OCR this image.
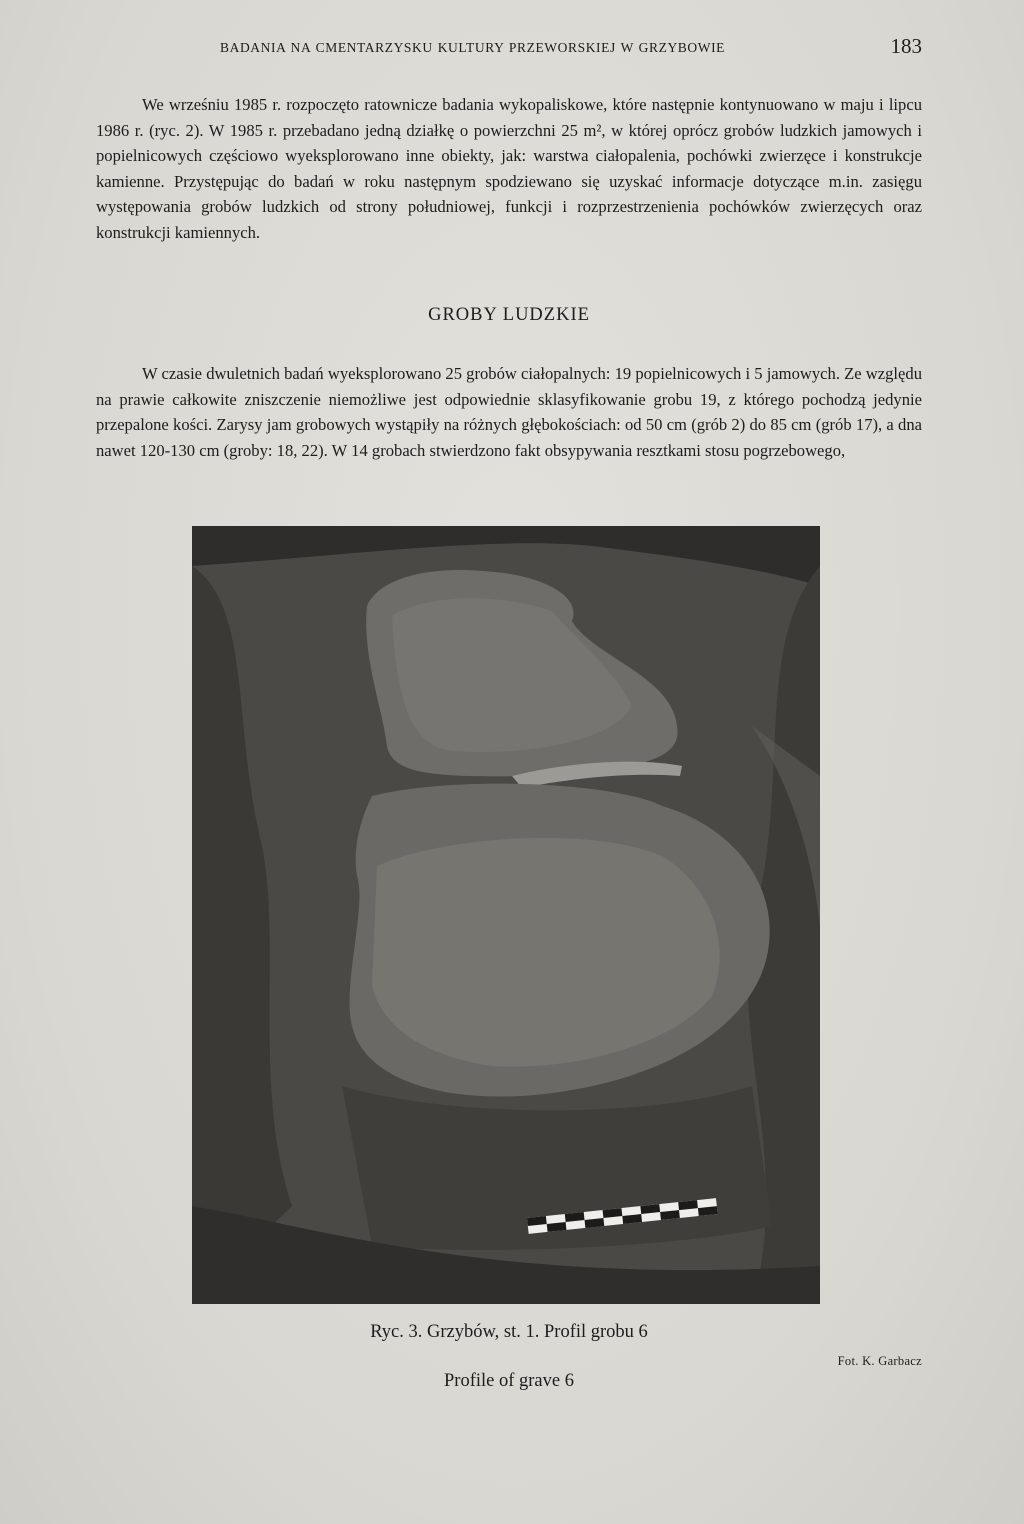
BADANIA NA CMENTARZYSKU KULTURY PRZEWORSKIEJ W GRZYBOWIE	183

We wrześniu 1985 r. rozpoczęto ratownicze badania wykopaliskowe, które następnie kontynuowano w maju i lipcu 1986 r. (ryc. 2). W 1985 r. przebadano jedną działkę o powierzchni 25 m², w której oprócz grobów ludzkich jamowych i popielnicowych częściowo wyeksplorowano inne obiekty, jak: warstwa ciałopalenia, pochówki zwierzęce i konstrukcje kamienne. Przystępując do badań w roku następnym spodziewano się uzyskać informacje dotyczące m.in. zasięgu występowania grobów ludzkich od strony południowej, funkcji i rozprzestrzenienia pochówków zwierzęcych oraz konstrukcji kamiennych.

GROBY LUDZKIE

W czasie dwuletnich badań wyeksplorowano 25 grobów ciałopalnych: 19 popielnicowych i 5 jamowych. Ze względu na prawie całkowite zniszczenie niemożliwe jest odpowiednie sklasyfikowanie grobu 19, z którego pochodzą jedynie przepalone kości. Zarysy jam grobowych wystąpiły na różnych głębokościach: od 50 cm (grób 2) do 85 cm (grób 17), a dna nawet 120-130 cm (groby: 18, 22). W 14 grobach stwierdzono fakt obsypywania resztkami stosu pogrzebowego,

Ryc. 3. Grzybów, st. 1. Profil grobu 6

Fot. K. Garbacz

Profile of grave 6
